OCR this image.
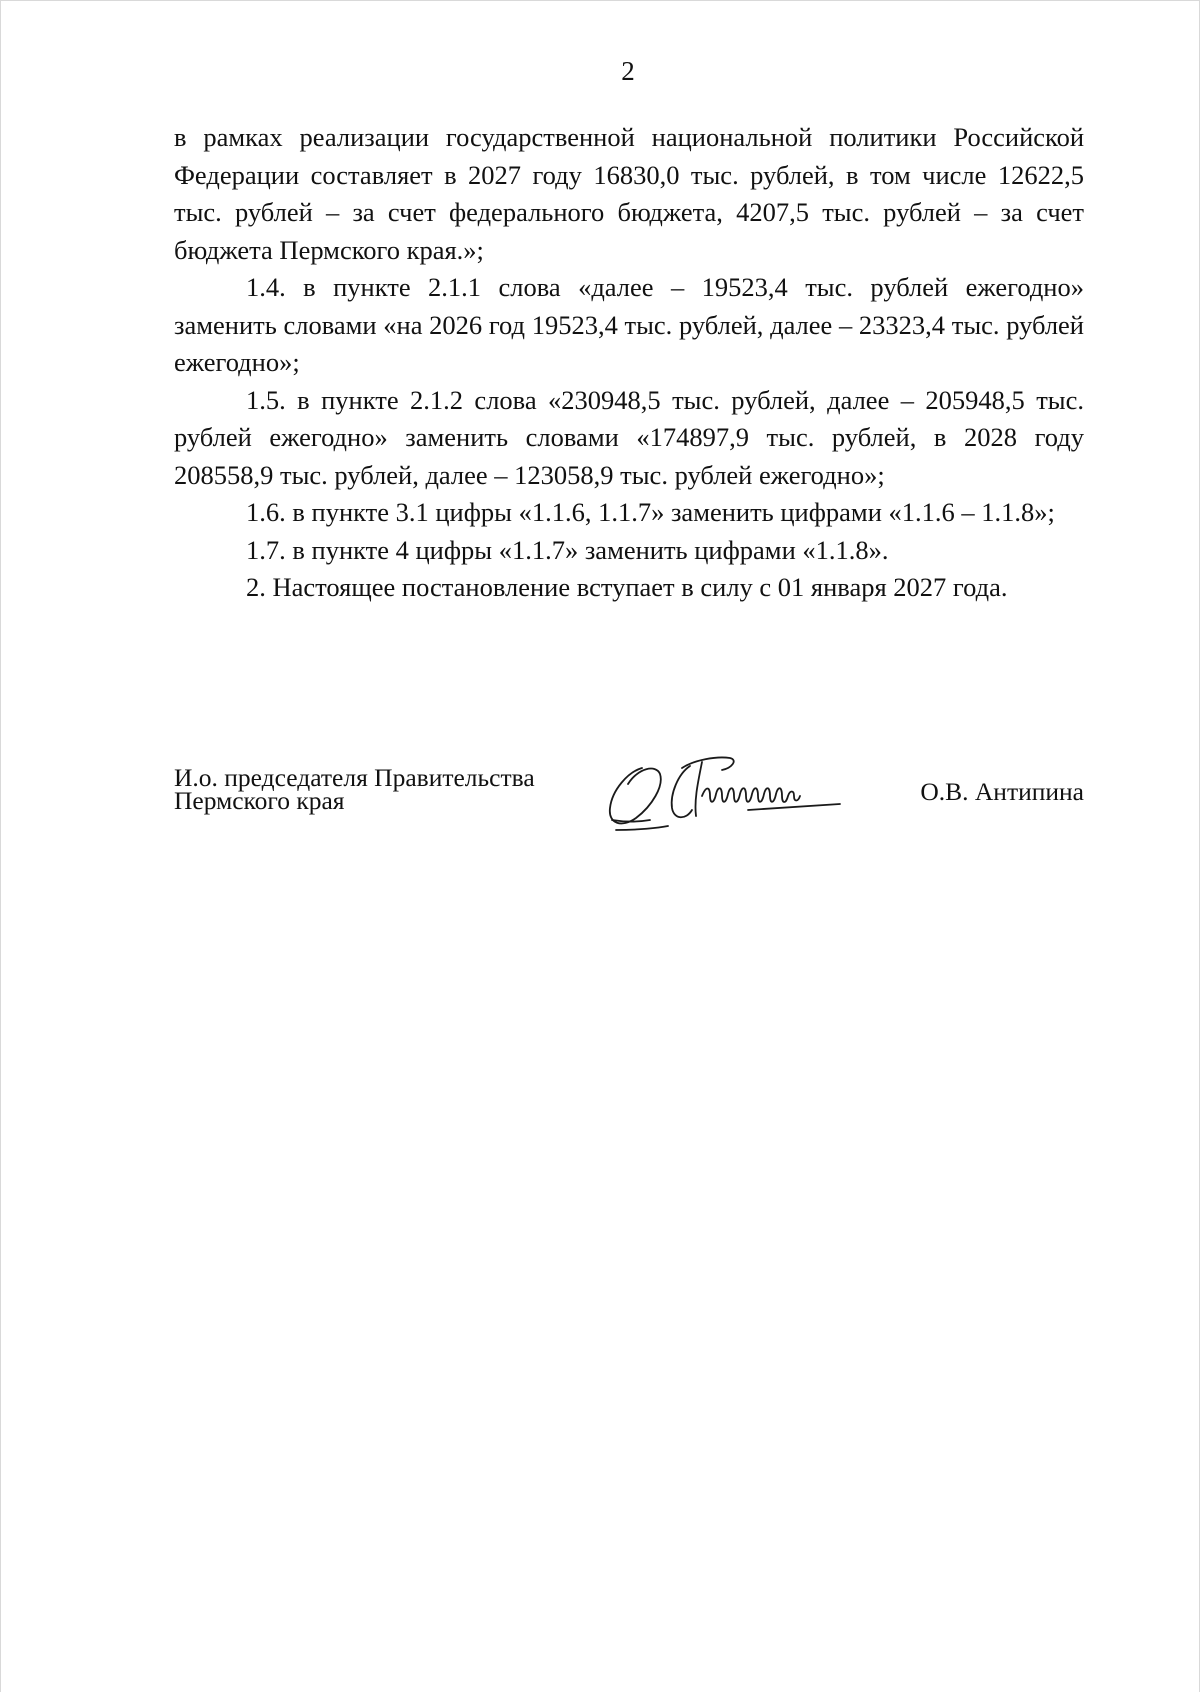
2

в рамках реализации государственной национальной политики Российской Федерации составляет в 2027 году 16830,0 тыс. рублей, в том числе 12622,5 тыс. рублей – за счет федерального бюджета, 4207,5 тыс. рублей – за счет бюджета Пермского края.»;

1.4. в пункте 2.1.1 слова «далее – 19523,4 тыс. рублей ежегодно» заменить словами «на 2026 год 19523,4 тыс. рублей, далее – 23323,4 тыс. рублей ежегодно»;

1.5. в пункте 2.1.2 слова «230948,5 тыс. рублей, далее – 205948,5 тыс. рублей ежегодно» заменить словами «174897,9 тыс. рублей, в 2028 году 208558,9 тыс. рублей, далее – 123058,9 тыс. рублей ежегодно»;

1.6. в пункте 3.1 цифры «1.1.6, 1.1.7» заменить цифрами «1.1.6 – 1.1.8»;

1.7. в пункте 4 цифры «1.1.7» заменить цифрами «1.1.8».

2. Настоящее постановление вступает в силу с 01 января 2027 года.

И.о. председателя Правительства
Пермского края	О.В. Антипина
